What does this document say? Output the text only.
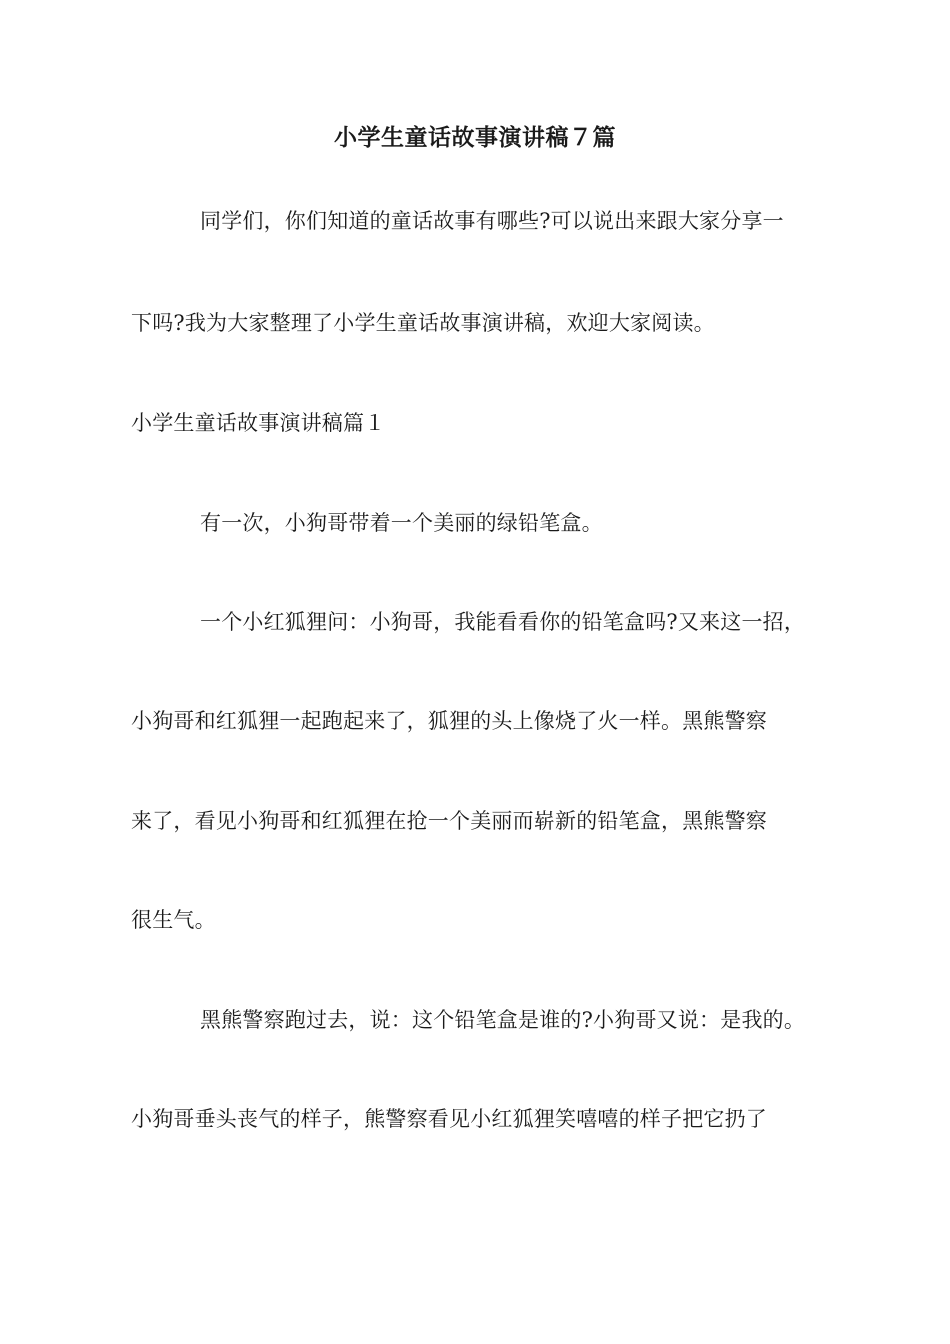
小学生童话故事演讲稿７篇
同学们，你们知道的童话故事有哪些?可以说出来跟大家分享一
下吗?我为大家整理了小学生童话故事演讲稿，欢迎大家阅读。
小学生童话故事演讲稿篇１
有一次，小狗哥带着一个美丽的绿铅笔盒。
一个小红狐狸问：小狗哥，我能看看你的铅笔盒吗?又来这一招，
小狗哥和红狐狸一起跑起来了，狐狸的头上像烧了火一样。黑熊警察
来了，看见小狗哥和红狐狸在抢一个美丽而崭新的铅笔盒，黑熊警察
很生气。
黑熊警察跑过去，说：这个铅笔盒是谁的?小狗哥又说：是我的。
小狗哥垂头丧气的样子，熊警察看见小红狐狸笑嘻嘻的样子把它扔了
